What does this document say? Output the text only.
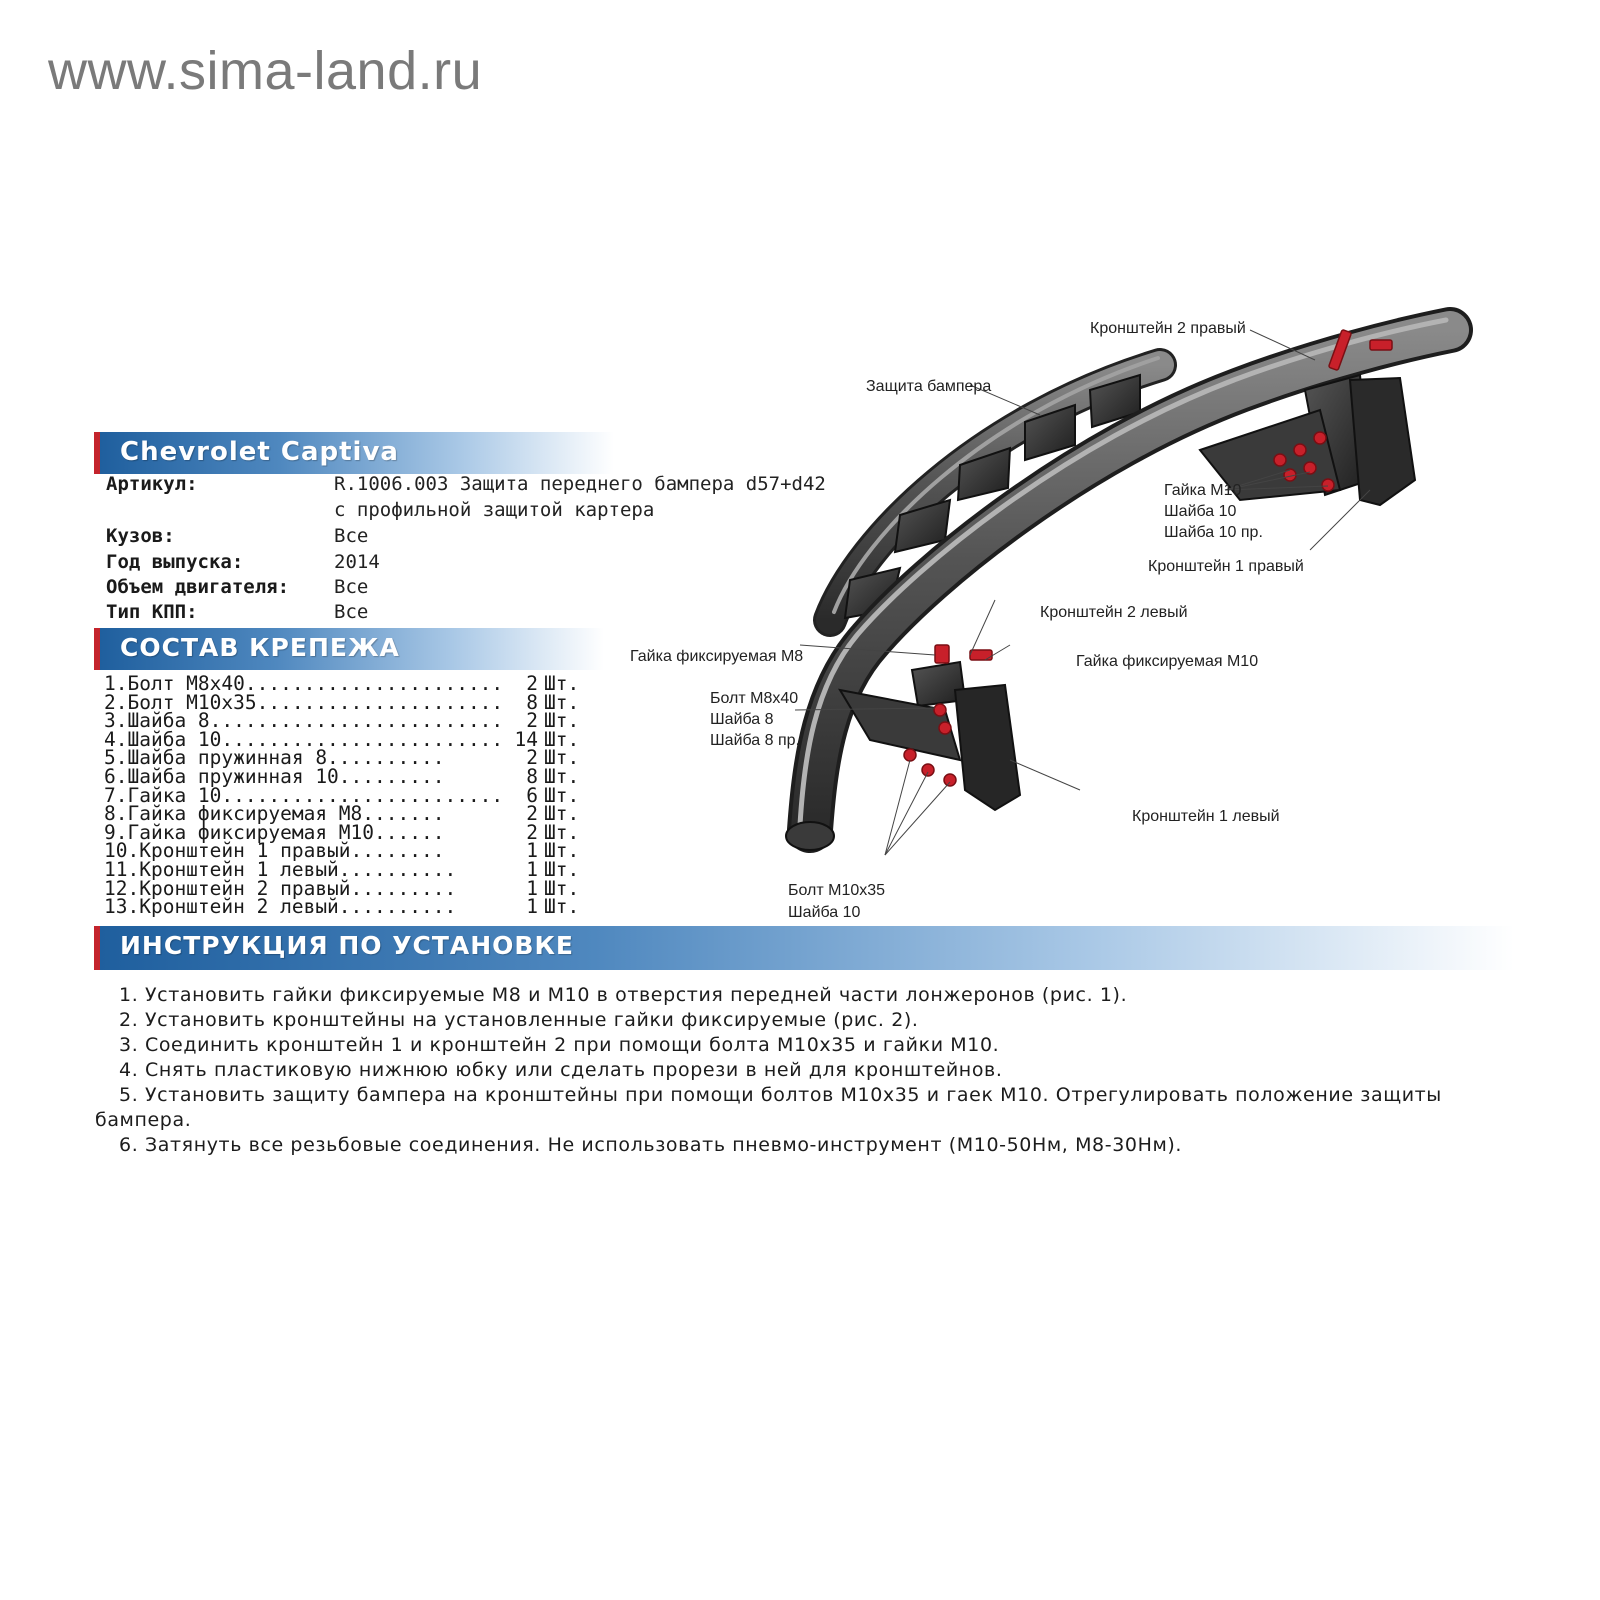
www.sima-land.ru
Chevrolet Captiva
Артикул:	R.1006.003 Защита переднего бампера d57+d42
с профильной защитой картера
Кузов:	Все
Год выпуска:	2014
Объем двигателя: Все
Тип КПП:	Все
СОСТАВ КРЕПЕЖА
1.Болт М8х40......................	2 Шт.
2.Болт М10х35.....................	8 Шт.
3.Шайба 8.........................	2 Шт.
4.Шайба 10........................ 14 Шт.
5.Шайба пружинная 8..........	2 Шт.
6.Шайба пружинная 10.........	8 Шт.
7.Гайка 10........................	6 Шт.
8.Гайка фиксируемая М8.......	2 Шт.
9.Гайка фиксируемая М10......	2 Шт.
10.Кронштейн 1 правый........	1 Шт.
11.Кронштейн 1 левый..........	1 Шт.
12.Кронштейн 2 правый.........	1 Шт.
13.Кронштейн 2 левый..........	1 Шт.
ИНСТРУКЦИЯ ПО УСТАНОВКЕ

1. Установить гайки фиксируемые М8 и М10 в отверстия передней части лонжеронов (рис. 1).

2. Установить кронштейны на установленные гайки фиксируемые (рис. 2).

3. Соединить кронштейн 1 и кронштейн 2 при помощи болта М10х35 и гайки М10.

4. Снять пластиковую нижнюю юбку или сделать прорези в ней для кронштейнов.

5. Установить защиту бампера на кронштейны при помощи болтов М10х35 и гаек М10. Отрегулировать положение защиты бампера.

6. Затянуть все резьбовые соединения. Не использовать пневмо-инструмент (М10-50Нм, М8-30Нм).

Кронштейн 2 правый
Защита бампера
Гайка М10
Шайба 10
Шайба 10 пр.
Кронштейн 1 правый
Кронштейн 2 левый
Гайка фиксируемая М8	Гайка фиксируемая М10
Болт М8х40
Шайба 8
Шайба 8 пр.
Кронштейн 1 левый
Болт М10х35
Шайба 10
